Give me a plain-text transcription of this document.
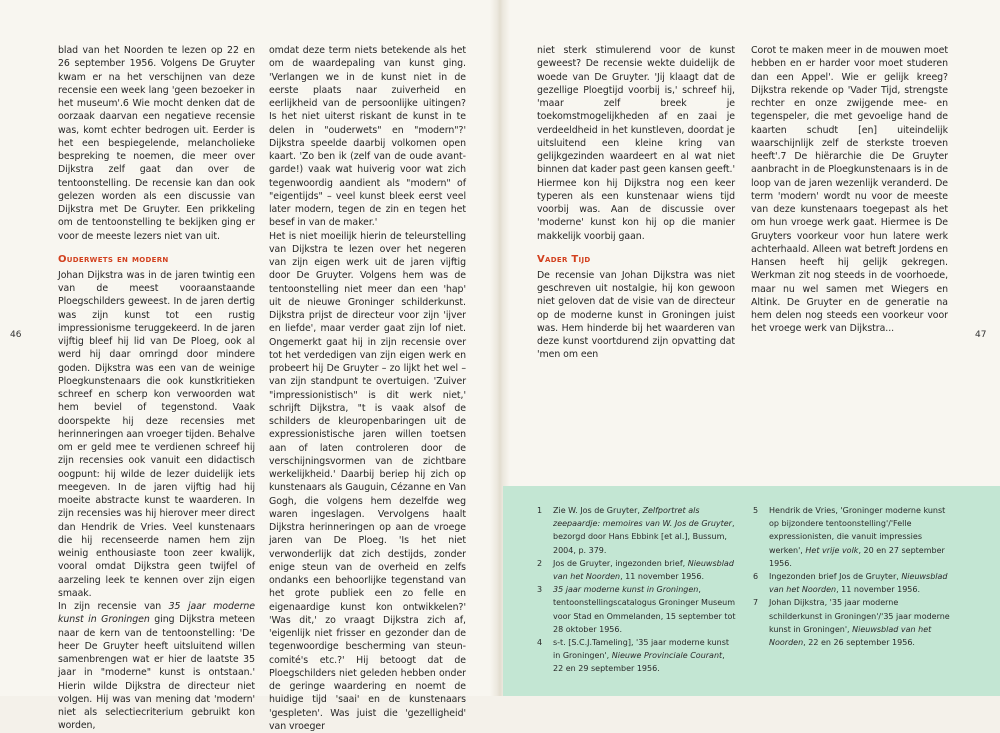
blad van het Noorden te lezen op 22 en 26 september 1956. Volgens De Gruyter kwam er na het verschijnen van deze recensie een week lang 'geen bezoeker in het museum'.6 Wie mocht denken dat de oorzaak daarvan een negatieve recensie was, komt echter bedrogen uit. Eerder is het een bespiegelende, melancholieke bespreking te noemen, die meer over Dijkstra zelf gaat dan over de tentoonstelling. De recensie kan dan ook gelezen worden als een discussie van Dijkstra met De Gruyter. Een prikkeling om de tentoonstelling te bekijken ging er voor de meeste lezers niet van uit.

Ouderwets en modern

Johan Dijkstra was in de jaren twintig een van de meest vooraanstaande Ploegschilders geweest. In de jaren dertig was zijn kunst tot een rustig impressionisme teruggekeerd. In de jaren vijftig bleef hij lid van De Ploeg, ook al werd hij daar omringd door mindere goden. Dijkstra was een van de weinige Ploegkunstenaars die ook kunstkritieken schreef en scherp kon verwoorden wat hem beviel of tegenstond. Vaak doorspekte hij deze recensies met herinneringen aan vroeger tijden. Behalve om er geld mee te verdienen schreef hij zijn recensies ook vanuit een didactisch oogpunt: hij wilde de lezer duidelijk iets meegeven. In de jaren vijftig had hij moeite abstracte kunst te waarderen. In zijn recensies was hij hierover meer direct dan Hendrik de Vries. Veel kunstenaars die hij recenseerde namen hem zijn weinig enthousiaste toon zeer kwalijk, vooral omdat Dijkstra geen twijfel of aarzeling leek te kennen over zijn eigen smaak.

In zijn recensie van 35 jaar moderne kunst in Groningen ging Dijkstra meteen naar de kern van de tentoonstelling: 'De heer De Gruyter heeft uitsluitend willen samenbrengen wat er hier de laatste 35 jaar in "moderne" kunst is ontstaan.' Hierin wilde Dijkstra de directeur niet volgen. Hij was van mening dat 'modern' niet als selectiecriterium gebruikt kon worden,

omdat deze term niets betekende als het om de waardepaling van kunst ging. 'Verlangen we in de kunst niet in de eerste plaats naar zuiverheid en eerlijkheid van de persoonlijke uitingen? Is het niet uiterst riskant de kunst in te delen in "ouderwets" en "modern"?' Dijkstra speelde daarbij volkomen open kaart. 'Zo ben ik (zelf van de oude avant-garde!) vaak wat huiverig voor wat zich tegenwoordig aandient als "modern" of "eigentijds" – veel kunst bleek eerst veel later modern, tegen de zin en tegen het besef in van de maker.'

Het is niet moeilijk hierin de teleurstelling van Dijkstra te lezen over het negeren van zijn eigen werk uit de jaren vijftig door De Gruyter. Volgens hem was de tentoonstelling niet meer dan een 'hap' uit de nieuwe Groninger schilderkunst. Dijkstra prijst de directeur voor zijn 'ijver en liefde', maar verder gaat zijn lof niet. Ongemerkt gaat hij in zijn recensie over tot het verdedigen van zijn eigen werk en probeert hij De Gruyter – zo lijkt het wel – van zijn standpunt te overtuigen. 'Zuiver "impressionistisch" is dit werk niet,' schrijft Dijkstra, "t is vaak alsof de schilders de kleuropenbaringen uit de expressionistische jaren willen toetsen aan of laten controleren door de verschijningsvormen van de zichtbare werkelijkheid.' Daarbij beriep hij zich op kunstenaars als Gauguin, Cézanne en Van Gogh, die volgens hem dezelfde weg waren ingeslagen. Vervolgens haalt Dijkstra herinneringen op aan de vroege jaren van De Ploeg. 'Is het niet verwonderlijk dat zich destijds, zonder enige steun van de overheid en zelfs ondanks een behoorlijke tegenstand van het grote publiek een zo felle en eigenaardige kunst kon ontwikkelen?' 'Was dit,' zo vraagt Dijkstra zich af, 'eigenlijk niet frisser en gezonder dan de tegenwoordige bescherming van steun-comité's etc.?' Hij betoogt dat de Ploegschilders niet geleden hebben onder de geringe waardering en noemt de huidige tijd 'saai' en de kunstenaars 'gespleten'. Was juist die 'gezelligheid' van vroeger

46

niet sterk stimulerend voor de kunst geweest? De recensie wekte duidelijk de woede van De Gruyter. 'Jij klaagt dat de gezellige Ploegtijd voorbij is,' schreef hij, 'maar zelf breek je toekomstmogelijkheden af en zaai je verdeeldheid in het kunstleven, doordat je uitsluitend een kleine kring van gelijkgezinden waardeert en al wat niet binnen dat kader past geen kansen geeft.' Hiermee kon hij Dijkstra nog een keer typeren als een kunstenaar wiens tijd voorbij was. Aan de discussie over 'moderne' kunst kon hij op die manier makkelijk voorbij gaan.

Vader Tijd

De recensie van Johan Dijkstra was niet geschreven uit nostalgie, hij kon gewoon niet geloven dat de visie van de directeur op de moderne kunst in Groningen juist was. Hem hinderde bij het waarderen van deze kunst voortdurend zijn opvatting dat 'men om een

Corot te maken meer in de mouwen moet hebben en er harder voor moet studeren dan een Appel'. Wie er gelijk kreeg? Dijkstra rekende op 'Vader Tijd, strengste rechter en onze zwijgende mee- en tegenspeler, die met gevoelige hand de kaarten schudt [en] uiteindelijk waarschijnlijk zelf de sterkste troeven heeft'.7 De hiërarchie die De Gruyter aanbracht in de Ploegkunstenaars is in de loop van de jaren wezenlijk veranderd. De term 'modern' wordt nu voor de meeste van deze kunstenaars toegepast als het om hun vroege werk gaat. Hiermee is De Gruyters voorkeur voor hun latere werk achterhaald. Alleen wat betreft Jordens en Hansen heeft hij gelijk gekregen. Werkman zit nog steeds in de voorhoede, maar nu wel samen met Wiegers en Altink. De Gruyter en de generatie na hem delen nog steeds een voorkeur voor het vroege werk van Dijkstra...

47
1	Zie W. Jos de Gruyter, Zelfportret als zeepaardje: memoires van W. Jos de Gruyter, bezorgd door Hans Ebbink [et al.], Bussum, 2004, p. 379.
2	Jos de Gruyter, ingezonden brief, Nieuwsblad van het Noorden, 11 november 1956.
3	35 jaar moderne kunst in Groningen, tentoonstellingscatalogus Groninger Museum voor Stad en Ommelanden, 15 september tot 28 oktober 1956.
4	s-t. [S.C.J.Tameling], '35 jaar moderne kunst in Groningen', Nieuwe Provinciale Courant, 22 en 29 september 1956.
5	Hendrik de Vries, 'Groninger moderne kunst op bijzondere tentoonstelling'/'Felle expressionisten, die vanuit impressies werken', Het vrije volk, 20 en 27 september 1956.
6	Ingezonden brief Jos de Gruyter, Nieuwsblad van het Noorden, 11 november 1956.
7	Johan Dijkstra, '35 jaar moderne schilderkunst in Groningen'/'35 jaar moderne kunst in Groningen', Nieuwsblad van het Noorden, 22 en 26 september 1956.
